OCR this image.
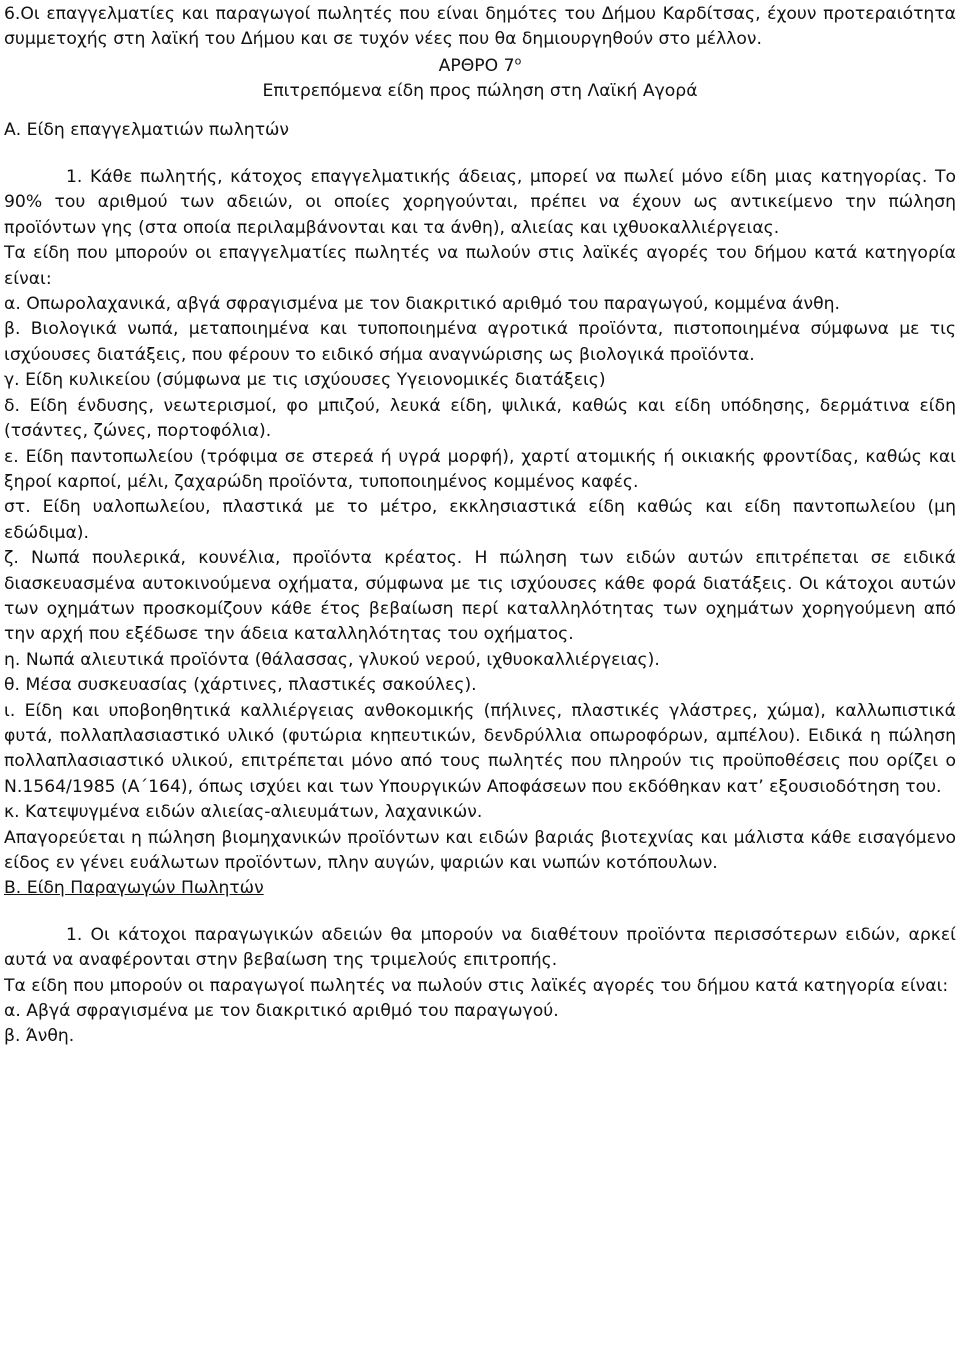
6.Οι επαγγελματίες και παραγωγοί πωλητές που είναι δημότες του Δήμου Καρδίτσας, έχουν προτεραιότητα συμμετοχής στη λαϊκή του Δήμου και σε τυχόν νέες που θα δημιουργηθούν στο μέλλον.

ΑΡΘΡΟ $7^o$

Επιτρεπόμενα είδη προς πώληση στη Λαϊκή Αγορά

Α. Είδη επαγγελματιών πωλητών

1. Κάθε πωλητής, κάτοχος επαγγελματικής άδειας, μπορεί να πωλεί μόνο είδη μιας κατηγορίας. Το 90% του αριθμού των αδειών, οι οποίες χορηγούνται, πρέπει να έχουν ως αντικείμενο την πώληση προϊόντων γης (στα οποία περιλαμβάνονται και τα άνθη), αλιείας και ιχθυοκαλλιέργειας.

Τα είδη που μπορούν οι επαγγελματίες πωλητές να πωλούν στις λαϊκές αγορές του δήμου κατά κατηγορία είναι:

α. Οπωρολαχανικά, αβγά σφραγισμένα με τον διακριτικό αριθμό του παραγωγού, κομμένα άνθη.

β. Βιολογικά νωπά, μεταποιημένα και τυποποιημένα αγροτικά προϊόντα, πιστοποιημένα σύμφωνα με τις ισχύουσες διατάξεις, που φέρουν το ειδικό σήμα αναγνώρισης ως βιολογικά προϊόντα.

γ. Είδη κυλικείου (σύμφωνα με τις ισχύουσες Υγειονομικές διατάξεις)

δ. Είδη ένδυσης, νεωτερισμοί, φο μπιζού, λευκά είδη, ψιλικά, καθώς και είδη υπόδησης, δερμάτινα είδη (τσάντες, ζώνες, πορτοφόλια).

ε. Είδη παντοπωλείου (τρόφιμα σε στερεά ή υγρά μορφή), χαρτί ατομικής ή οικιακής φροντίδας, καθώς και ξηροί καρποί, μέλι, ζαχαρώδη προϊόντα, τυποποιημένος κομμένος καφές.

στ. Είδη υαλοπωλείου, πλαστικά με το μέτρο, εκκλησιαστικά είδη καθώς και είδη παντοπωλείου (μη εδώδιμα).

ζ. Νωπά πουλερικά, κουνέλια, προϊόντα κρέατος. Η πώληση των ειδών αυτών επιτρέπεται σε ειδικά διασκευασμένα αυτοκινούμενα οχήματα, σύμφωνα με τις ισχύουσες κάθε φορά διατάξεις. Οι κάτοχοι αυτών των οχημάτων προσκομίζουν κάθε έτος βεβαίωση περί καταλληλότητας των οχημάτων χορηγούμενη από την αρχή που εξέδωσε την άδεια καταλληλότητας του οχήματος.

η. Νωπά αλιευτικά προϊόντα (θάλασσας, γλυκού νερού, ιχθυοκαλλιέργειας).

θ. Μέσα συσκευασίας (χάρτινες, πλαστικές σακούλες).

ι. Είδη και υποβοηθητικά καλλιέργειας ανθοκομικής (πήλινες, πλαστικές γλάστρες, χώμα), καλλωπιστικά φυτά, πολλαπλασιαστικό υλικό (φυτώρια κηπευτικών, δενδρύλλια οπωροφόρων, αμπέλου). Ειδικά η πώληση πολλαπλασιαστικό υλικού, επιτρέπεται μόνο από τους πωλητές που πληρούν τις προϋποθέσεις που ορίζει ο Ν.1564/1985 (Α΄164), όπως ισχύει και των Υπουργικών Αποφάσεων που εκδόθηκαν κατ’ εξουσιοδότηση του.

κ. Κατεψυγμένα ειδών αλιείας-αλιευμάτων, λαχανικών.

Απαγορεύεται η πώληση βιομηχανικών προϊόντων και ειδών βαριάς βιοτεχνίας και μάλιστα κάθε εισαγόμενο είδος εν γένει ευάλωτων προϊόντων, πλην αυγών, ψαριών και νωπών κοτόπουλων.

Β. Είδη Παραγωγών Πωλητών

1. Οι κάτοχοι παραγωγικών αδειών θα μπορούν να διαθέτουν προϊόντα περισσότερων ειδών, αρκεί αυτά να αναφέρονται στην βεβαίωση της τριμελούς επιτροπής.

Τα είδη που μπορούν οι παραγωγοί πωλητές να πωλούν στις λαϊκές αγορές του δήμου κατά κατηγορία είναι:

α. Αβγά σφραγισμένα με τον διακριτικό αριθμό του παραγωγού.

β. Άνθη.
